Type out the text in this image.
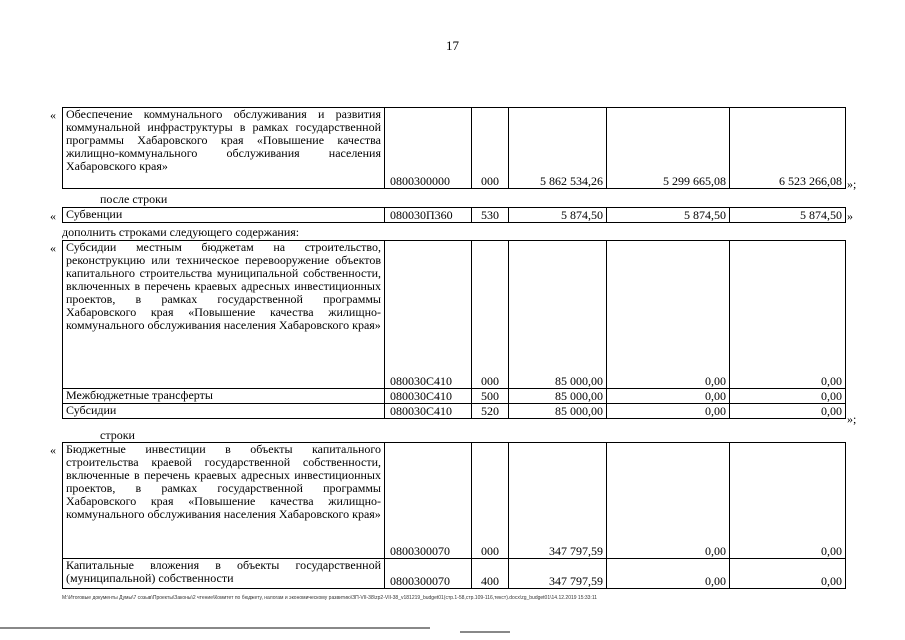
17
« Обеспечение коммунального обслуживания и развития коммунальной инфраструктуры в рамках государственной программы Хабаровского края «Повышение качества жилищно-коммунального обслуживания населения Хабаровского края»	0800300000	000	5 862 534,26	5 299 665,08	6 523 266,08 »;
после строки
« Субвенции	080030П360	530	5 874,50	5 874,50	5 874,50 »
дополнить строками следующего содержания:
« Субсидии местным бюджетам на строительство, реконструкцию или техническое перевооружение объектов капитального строительства муниципальной собственности, включенных в перечень краевых адресных инвестиционных проектов, в рамках государственной программы Хабаровского края «Повышение качества жилищно-коммунального обслуживания населения Хабаровского края»	080030С410	000	85 000,00	0,00	0,00
Межбюджетные трансферты	080030С410	500	85 000,00	0,00	0,00
Субсидии	080030С410	520	85 000,00	0,00	0,00
»;
строки
« Бюджетные инвестиции в объекты капитального строительства краевой государственной собственности, включенные в перечень краевых адресных инвестиционных проектов, в рамках государственной программы Хабаровского края «Повышение качества жилищно-коммунального обслуживания населения Хабаровского края»	0800300070	000	347 797,59	0,00	0,00
Капитальные вложения в объекты государственной (муниципальной) собственности	0800300070	400	347 797,59	0,00	0,00
M:\Итоговые документы Думы\7 созыв\Проекты\Законы\2 чтение\Комитет по бюджету, налогам и экономическому развитию\ЗП-VII-38\zp2-VII-38_v181219_budget01(стр.1-58,стр.109-116,текст).docx\zg_budget01\14.12.2019 15:33:11
